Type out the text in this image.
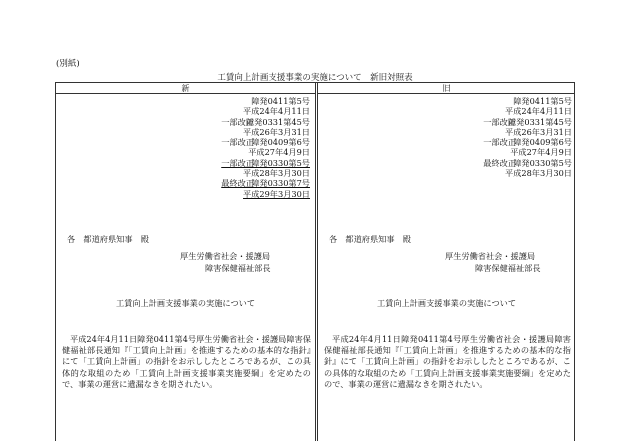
(別紙)
工賃向上計画支援事業の実施について　新旧対照表
新	旧
障発0411第5号
平成24年4月11日
一部改正
障発0331第45号
平成26年3月31日
一部改正
障発0409第6号
平成27年4月9日
一部改正
障発0330第5号
平成28年3月30日
最終改正
障発0330第7号
平成29年3月30日
各　都道府県知事　殿
厚生労働省社会・援護局
障害保健福祉部長
工賃向上計画支援事業の実施について
平成24年4月11日障発0411第4号厚生労働省社会・援護局障害保健福祉部長通知『「工賃向上計画」を推進するための基本的な指針』にて「工賃向上計画」の指針をお示ししたところであるが、この具体的な取組のため「工賃向上計画支援事業実施要綱」を定めたので、事業の運営に遺漏なきを期されたい。
障発0411第5号
平成24年4月11日
一部改正
障発0331第45号
平成26年3月31日
一部改正
障発0409第6号
平成27年4月9日
最終改正
障発0330第5号
平成28年3月30日
各　都道府県知事　殿
厚生労働省社会・援護局
障害保健福祉部長
工賃向上計画支援事業の実施について
平成24年4月11日障発0411第4号厚生労働省社会・援護局障害保健福祉部長通知『「工賃向上計画」を推進するための基本的な指針』にて「工賃向上計画」の指針をお示ししたところであるが、この具体的な取組のため「工賃向上計画支援事業実施要綱」を定めたので、事業の運営に遺漏なきを期されたい。
